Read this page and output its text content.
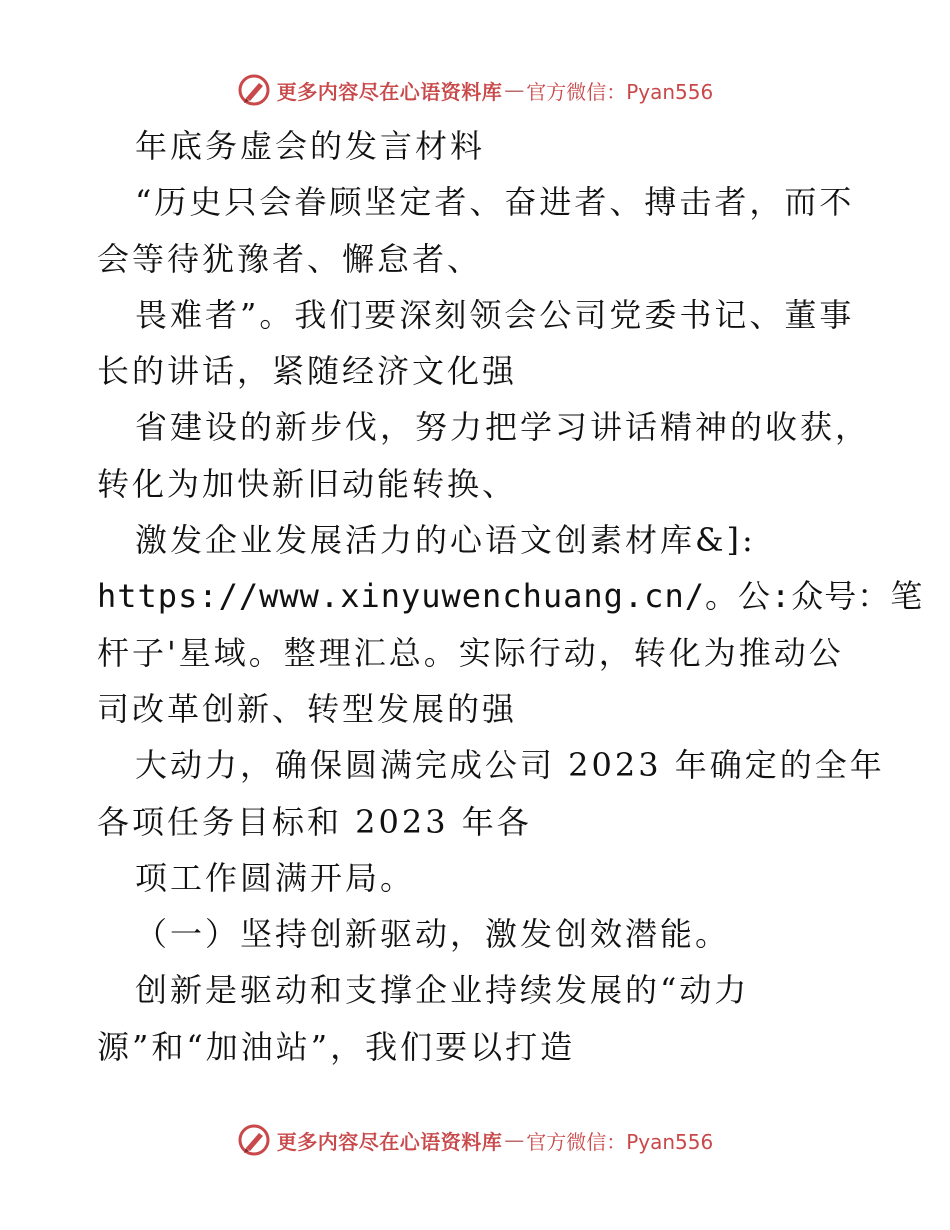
更多内容尽在心语资料库 — 官方微信：Pyan556
年底务虚会的发言材料
“历史只会眷顾坚定者、奋进者、搏击者，而不
会等待犹豫者、懈怠者、
畏难者”。我们要深刻领会公司党委书记、董事
长的讲话，紧随经济文化强
省建设的新步伐，努力把学习讲话精神的收获，
转化为加快新旧动能转换、
激发企业发展活力的心语文创素材库&]:
https://www.xinyuwenchuang.cn/。公:众号：笔
杆子'星域。整理汇总。实际行动，转化为推动公
司改革创新、转型发展的强
大动力，确保圆满完成公司 2023 年确定的全年
各项任务目标和 2023 年各
项工作圆满开局。
（一）坚持创新驱动，激发创效潜能。
创新是驱动和支撑企业持续发展的“动力
源”和“加油站”，我们要以打造
更多内容尽在心语资料库 — 官方微信：Pyan556
